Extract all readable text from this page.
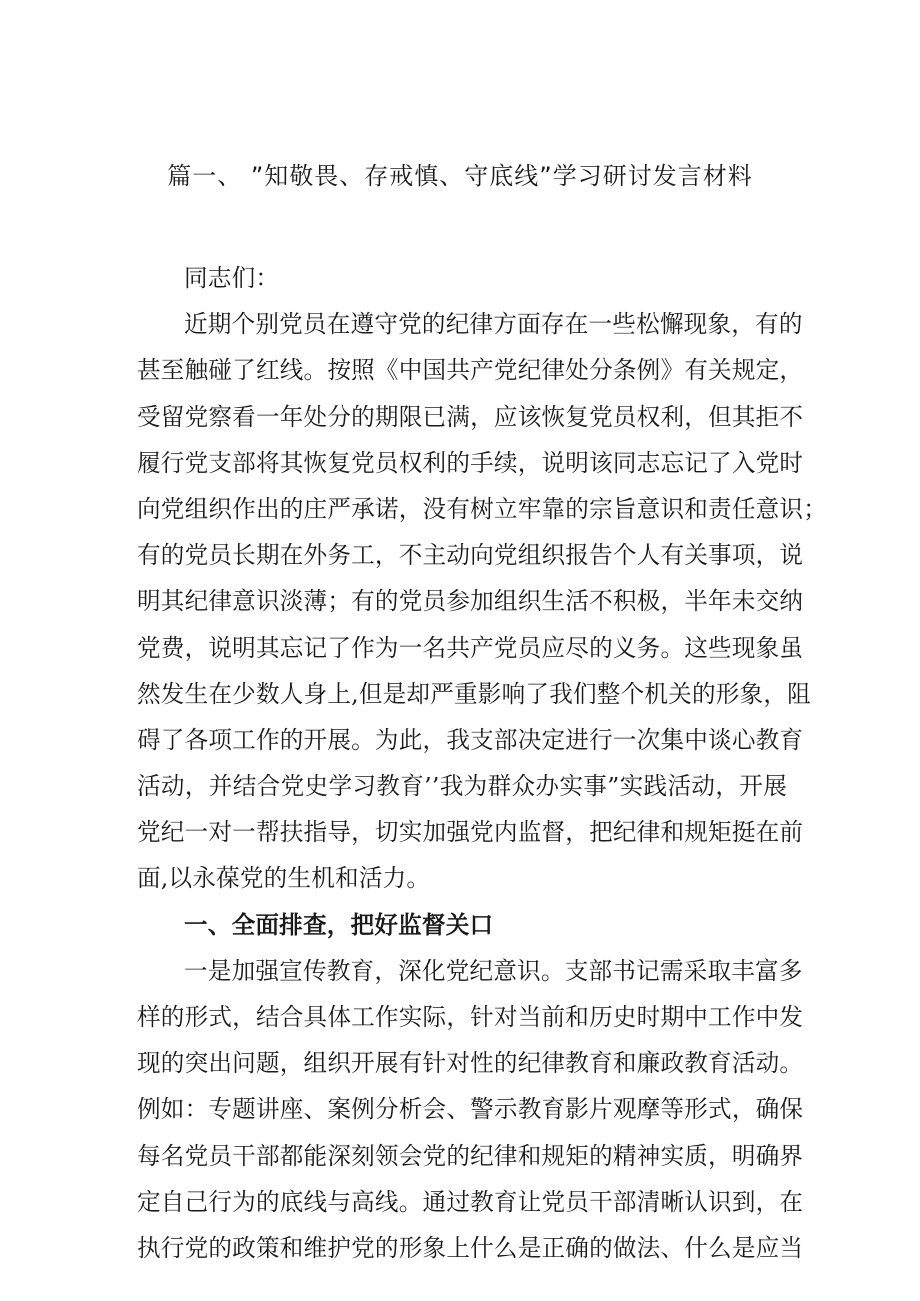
篇一、 ”知敬畏、存戒慎、守底线”学习研讨发言材料
同志们：
近期个别党员在遵守党的纪律方面存在一些松懈现象，有的
甚至触碰了红线。按照《中国共产党纪律处分条例》有关规定，
受留党察看一年处分的期限已满，应该恢复党员权利，但其拒不
履行党支部将其恢复党员权利的手续，说明该同志忘记了入党时
向党组织作出的庄严承诺，没有树立牢靠的宗旨意识和责任意识；
有的党员长期在外务工，不主动向党组织报告个人有关事项，说
明其纪律意识淡薄；有的党员参加组织生活不积极，半年未交纳
党费，说明其忘记了作为一名共产党员应尽的义务。这些现象虽
然发生在少数人身上,但是却严重影响了我们整个机关的形象，阻
碍了各项工作的开展。为此，我支部决定进行一次集中谈心教育
活动，并结合党史学习教育’’我为群众办实事”实践活动，开展
党纪一对一帮扶指导，切实加强党内监督，把纪律和规矩挺在前
面,以永葆党的生机和活力。
一、全面排查，把好监督关口
一是加强宣传教育，深化党纪意识。支部书记需采取丰富多
样的形式，结合具体工作实际，针对当前和历史时期中工作中发
现的突出问题，组织开展有针对性的纪律教育和廉政教育活动。
例如：专题讲座、案例分析会、警示教育影片观摩等形式，确保
每名党员干部都能深刻领会党的纪律和规矩的精神实质，明确界
定自己行为的底线与高线。通过教育让党员干部清晰认识到，在
执行党的政策和维护党的形象上什么是正确的做法、什么是应当
